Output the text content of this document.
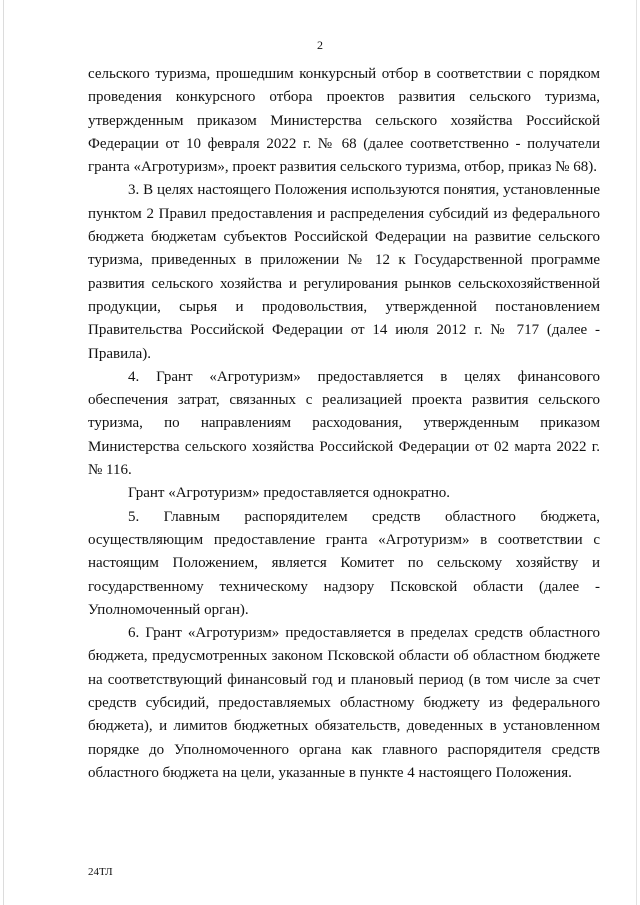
2

сельского туризма, прошедшим конкурсный отбор в соответствии с порядком проведения конкурсного отбора проектов развития сельского туризма, утвержденным приказом Министерства сельского хозяйства Российской Федерации от 10 февраля 2022 г. № 68 (далее соответственно - получатели гранта «Агротуризм», проект развития сельского туризма, отбор, приказ № 68).

3. В целях настоящего Положения используются понятия, установленные пунктом 2 Правил предоставления и распределения субсидий из федерального бюджета бюджетам субъектов Российской Федерации на развитие сельского туризма, приведенных в приложении № 12 к Государственной программе развития сельского хозяйства и регулирования рынков сельскохозяйственной продукции, сырья и продовольствия, утвержденной постановлением Правительства Российской Федерации от 14 июля 2012 г. № 717 (далее - Правила).

4. Грант «Агротуризм» предоставляется в целях финансового обеспечения затрат, связанных с реализацией проекта развития сельского туризма, по направлениям расходования, утвержденным приказом Министерства сельского хозяйства Российской Федерации от 02 марта 2022 г. № 116.

Грант «Агротуризм» предоставляется однократно.

5. Главным распорядителем средств областного бюджета, осуществляющим предоставление гранта «Агротуризм» в соответствии с настоящим Положением, является Комитет по сельскому хозяйству и государственному техническому надзору Псковской области (далее - Уполномоченный орган).

6. Грант «Агротуризм» предоставляется в пределах средств областного бюджета, предусмотренных законом Псковской области об областном бюджете на соответствующий финансовый год и плановый период (в том числе за счет средств субсидий, предоставляемых областному бюджету из федерального бюджета), и лимитов бюджетных обязательств, доведенных в установленном порядке до Уполномоченного органа как главного распорядителя средств областного бюджета на цели, указанные в пункте 4 настоящего Положения.

24ТЛ
